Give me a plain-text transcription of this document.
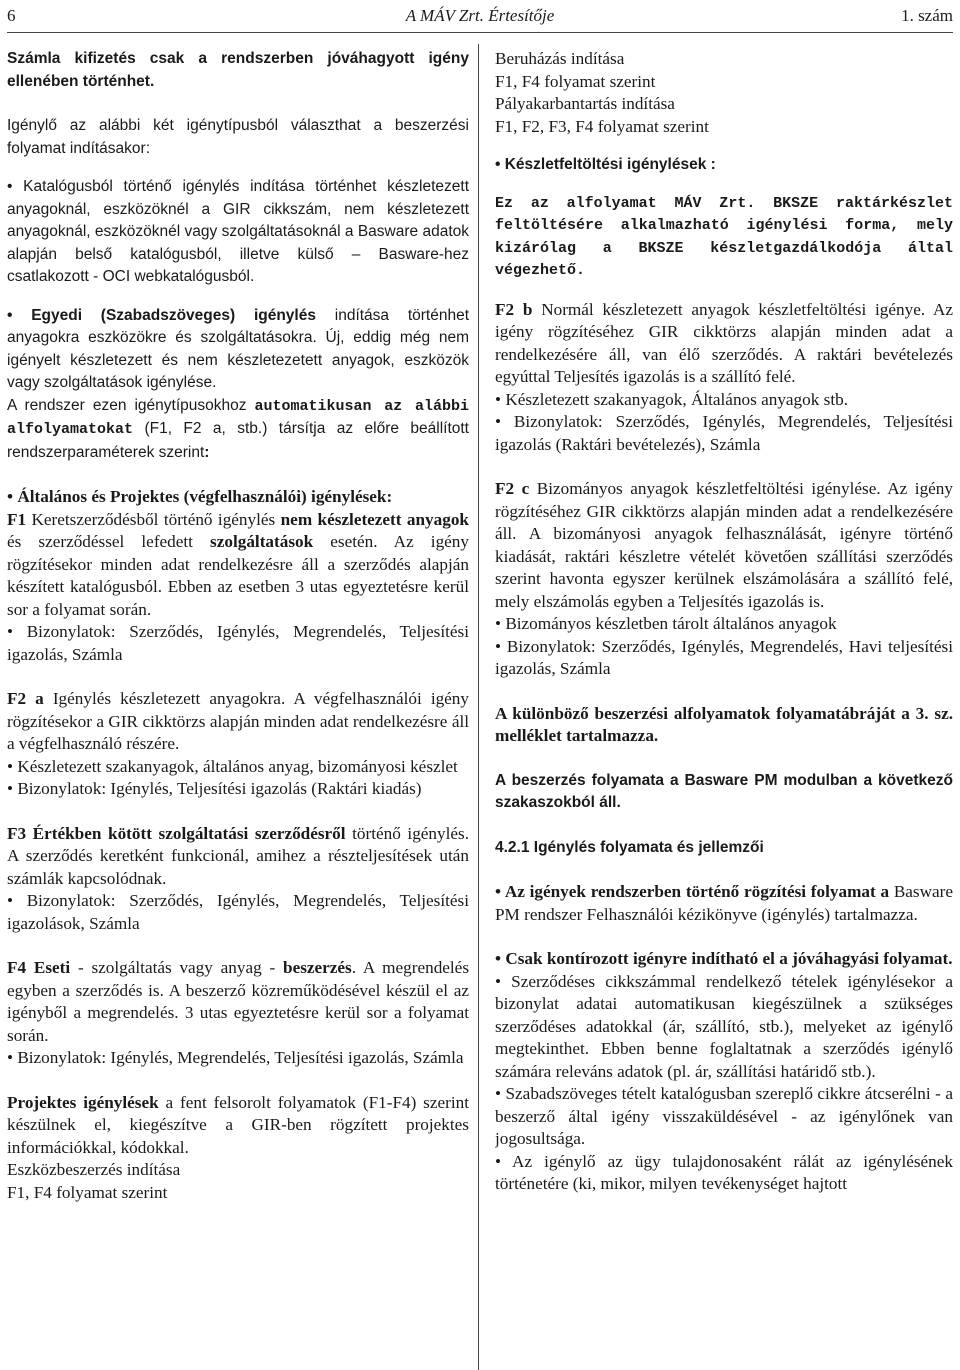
6	A MÁV Zrt. Értesítője	1. szám

Számla kifizetés csak a rendszerben jóváhagyott igény ellenében történhet.

Igénylő az alábbi két igénytípusból választhat a beszerzési folyamat indításakor:

• Katalógusból történő igénylés indítása történhet készletezett anyagoknál, eszközöknél a GIR cikkszám, nem készletezett anyagoknál, eszközöknél vagy szolgáltatásoknál a Basware adatok alapján belső katalógusból, illetve külső – Basware-hez csatlakozott - OCI webkatalógusból.

• Egyedi (Szabadszöveges) igénylés indítása történhet anyagokra eszközökre és szolgáltatásokra. Új, eddig még nem igényelt készletezett és nem készletezetett anyagok, eszközök vagy szolgáltatások igénylése.

A rendszer ezen igénytípusokhoz automatikusan az alábbi alfolyamatokat (F1, F2 a, stb.) társítja az előre beállított rendszerparaméterek szerint:

• Általános és Projektes (végfelhasználói) igénylések:

F1 Keretszerződésből történő igénylés nem készletezett anyagok és szerződéssel lefedett szolgáltatások esetén. Az igény rögzítésekor minden adat rendelkezésre áll a szerződés alapján készített katalógusból. Ebben az esetben 3 utas egyeztetésre kerül sor a folyamat során.

• Bizonylatok: Szerződés, Igénylés, Megrendelés, Teljesítési igazolás, Számla

F2 a Igénylés készletezett anyagokra. A végfelhasználói igény rögzítésekor a GIR cikktörzs alapján minden adat rendelkezésre áll a végfelhasználó részére.

• Készletezett szakanyagok, általános anyag, bizományosi készlet

• Bizonylatok: Igénylés, Teljesítési igazolás (Raktári kiadás)

F3 Értékben kötött szolgáltatási szerződésről történő igénylés. A szerződés keretként funkcionál, amihez a részteljesítések után számlák kapcsolódnak.

• Bizonylatok: Szerződés, Igénylés, Megrendelés, Teljesítési igazolások, Számla

F4 Eseti - szolgáltatás vagy anyag - beszerzés. A megrendelés egyben a szerződés is. A beszerző közreműködésével készül el az igényből a megrendelés. 3 utas egyeztetésre kerül sor a folyamat során.

• Bizonylatok: Igénylés, Megrendelés, Teljesítési igazolás, Számla

Projektes igénylések a fent felsorolt folyamatok (F1-F4) szerint készülnek el, kiegészítve a GIR-ben rögzített projektes információkkal, kódokkal.

Eszközbeszerzés indítása

F1, F4 folyamat szerint

Beruházás indítása

F1, F4 folyamat szerint

Pályakarbantartás indítása

F1, F2, F3, F4 folyamat szerint

• Készletfeltöltési igénylések :

Ez az alfolyamat MÁV Zrt. BKSZE raktárkészlet feltöltésére alkalmazható igénylési forma, mely kizárólag a BKSZE készletgazdálkodója által végezhető.

F2 b Normál készletezett anyagok készletfeltöltési igénye. Az igény rögzítéséhez GIR cikktörzs alapján minden adat a rendelkezésére áll, van élő szerződés. A raktári bevételezés egyúttal Teljesítés igazolás is a szállító felé.

• Készletezett szakanyagok, Általános anyagok stb.

• Bizonylatok: Szerződés, Igénylés, Megrendelés, Teljesítési igazolás (Raktári bevételezés), Számla

F2 c Bizományos anyagok készletfeltöltési igénylése. Az igény rögzítéséhez GIR cikktörzs alapján minden adat a rendelkezésére áll. A bizományosi anyagok felhasználását, igényre történő kiadását, raktári készletre vételét követően szállítási szerződés szerint havonta egyszer kerülnek elszámolására a szállító felé, mely elszámolás egyben a Teljesítés igazolás is.

• Bizományos készletben tárolt általános anyagok

• Bizonylatok: Szerződés, Igénylés, Megrendelés, Havi teljesítési igazolás, Számla

A különböző beszerzési alfolyamatok folyamatábráját a 3. sz. melléklet tartalmazza.

A beszerzés folyamata a Basware PM modulban a következő szakaszokból áll.

4.2.1 Igénylés folyamata és jellemzői

• Az igények rendszerben történő rögzítési folyamat a Basware PM rendszer Felhasználói kézikönyve (igénylés) tartalmazza.

• Csak kontírozott igényre indítható el a jóváhagyási folyamat.

• Szerződéses cikkszámmal rendelkező tételek igénylésekor a bizonylat adatai automatikusan kiegészülnek a szükséges szerződéses adatokkal (ár, szállító, stb.), melyeket az igénylő megtekinthet. Ebben benne foglaltatnak a szerződés igénylő számára releváns adatok (pl. ár, szállítási határidő stb.).

• Szabadszöveges tételt katalógusban szereplő cikkre átcserélni - a beszerző által igény visszaküldésével - az igénylőnek van jogosultsága.

• Az igénylő az ügy tulajdonosaként rálát az igénylésének történetére (ki, mikor, milyen tevékenységet hajtott
